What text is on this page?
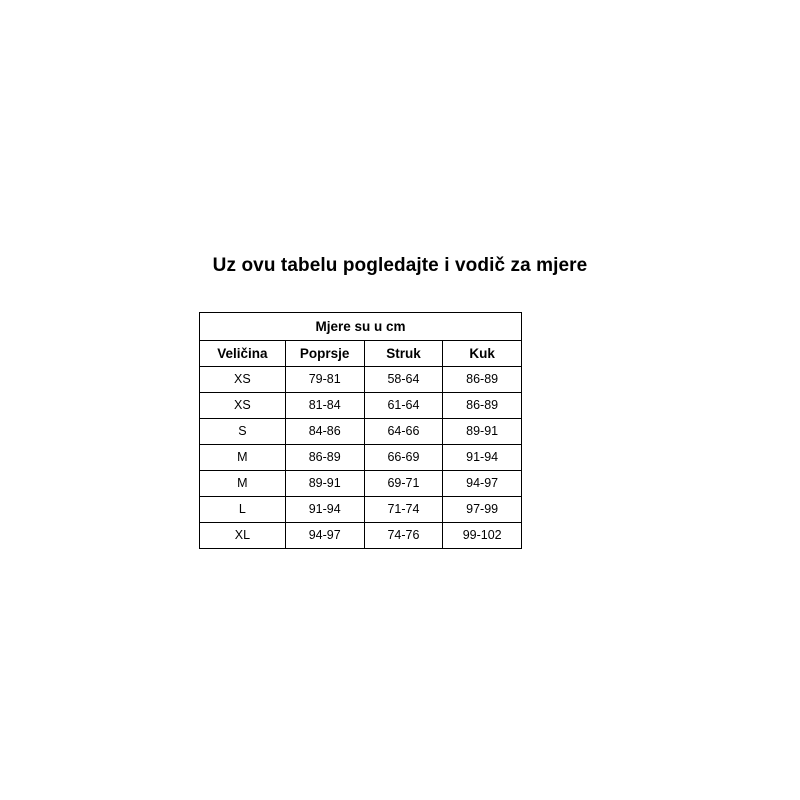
Uz ovu tabelu pogledajte i vodič za mjere
Mjere su u cm			
Veličina	Poprsje	Struk	Kuk
XS	79-81	58-64	86-89
XS	81-84	61-64	86-89
S	84-86	64-66	89-91
M	86-89	66-69	91-94
M	89-91	69-71	94-97
L	91-94	71-74	97-99
XL	94-97	74-76	99-102
